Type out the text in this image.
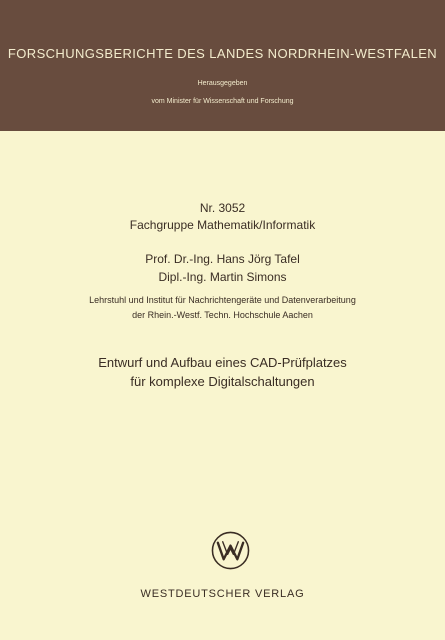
FORSCHUNGSBERICHTE DES LANDES NORDRHEIN-WESTFALEN
Herausgegeben
vom Minister für Wissenschaft und Forschung
Nr. 3052
Fachgruppe Mathematik/Informatik
Prof. Dr.-Ing. Hans Jörg Tafel
Dipl.-Ing. Martin Simons
Lehrstuhl und Institut für Nachrichtengeräte und Datenverarbeitung
der Rhein.-Westf. Techn. Hochschule Aachen
Entwurf und Aufbau eines CAD-Prüfplatzes
für komplexe Digitalschaltungen
WESTDEUTSCHER VERLAG
